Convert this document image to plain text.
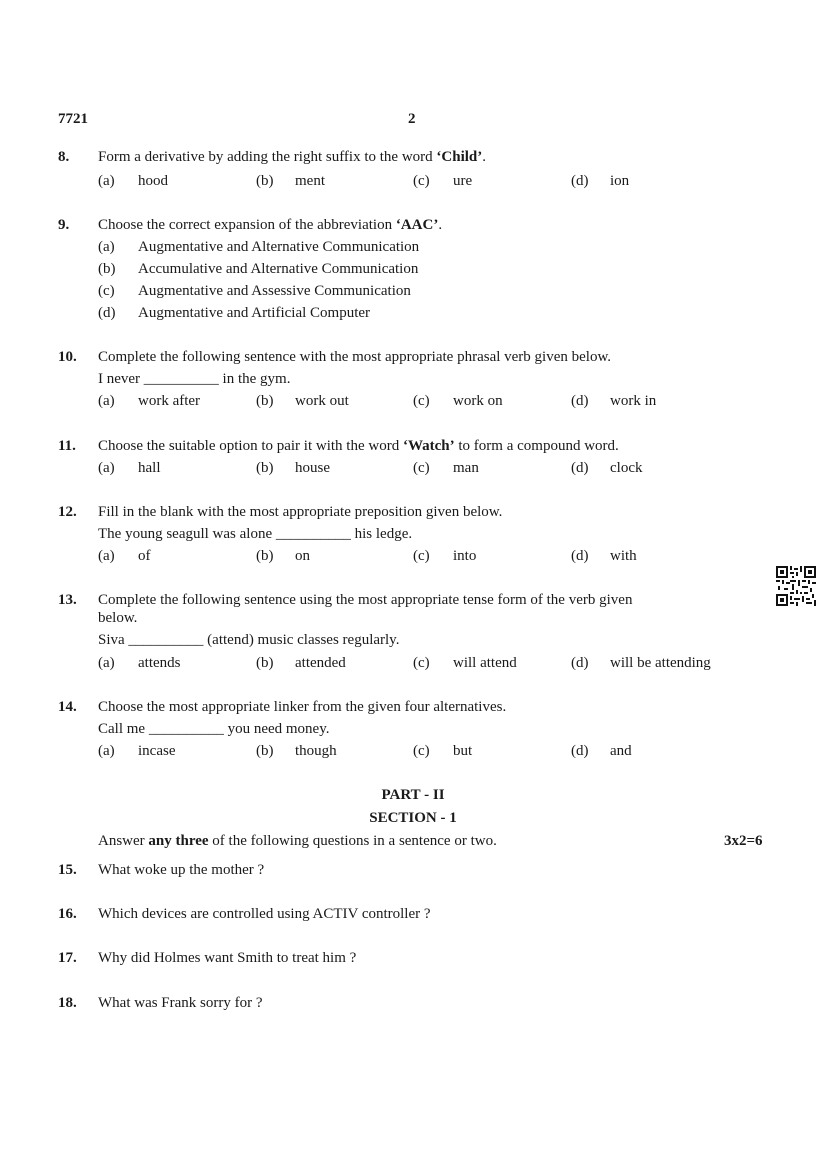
7721	2
8. Form a derivative by adding the right suffix to the word ‘Child’.
(a) hood	(b) ment	(c) ure	(d) ion
9. Choose the correct expansion of the abbreviation ‘AAC’.
(a) Augmentative and Alternative Communication
(b) Accumulative and Alternative Communication
(c) Augmentative and Assessive Communication
(d) Augmentative and Artificial Computer
10. Complete the following sentence with the most appropriate phrasal verb given below.
I never __________ in the gym.
(a) work after	(b) work out	(c) work on	(d) work in
11. Choose the suitable option to pair it with the word ‘Watch’ to form a compound word.
(a) hall	(b) house	(c) man	(d) clock
12. Fill in the blank with the most appropriate preposition given below.
The young seagull was alone __________ his ledge.
(a) of	(b) on	(c) into	(d) with
13. Complete the following sentence using the most appropriate tense form of the verb given
below.
Siva __________ (attend) music classes regularly.
(a) attends	(b) attended	(c) will attend	(d) will be attending
14. Choose the most appropriate linker from the given four alternatives.
Call me __________ you need money.
(a) incase	(b) though	(c) but	(d) and
PART - II
SECTION - 1
Answer any three of the following questions in a sentence or two.	3x2=6
15. What woke up the mother ?
16. Which devices are controlled using ACTIV controller ?
17. Why did Holmes want Smith to treat him ?
18. What was Frank sorry for ?
